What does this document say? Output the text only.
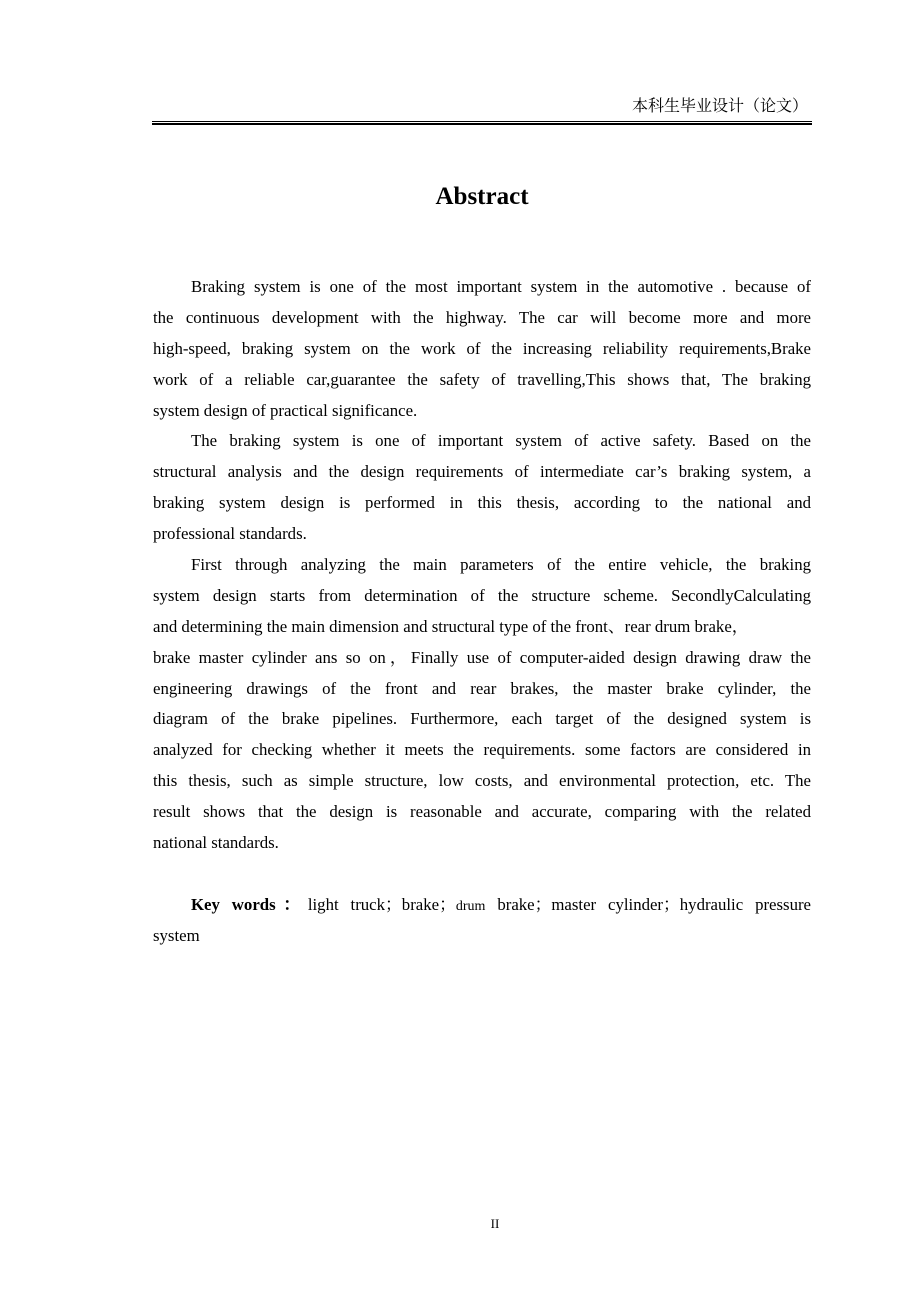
本科生毕业设计（论文）
Abstract
Braking system is one of the most important system in the automotive . because of
the continuous development with the highway. The car will become more and more
high-speed, braking system on the work of the increasing reliability requirements,Brake
work of a reliable car,guarantee the safety of travelling,This shows that, The braking
system design of practical significance.
The braking system is one of important system of active safety. Based on the
structural analysis and the design requirements of intermediate car’s braking system, a
braking system design is performed in this thesis, according to the national and
professional standards.
First through analyzing the main parameters of the entire vehicle, the braking
system design starts from determination of the structure scheme. SecondlyCalculating
and determining the main dimension and structural type of the front、rear drum brake，
brake master cylinder ans so on，Finally use of computer-aided design drawing draw the
engineering drawings of the front and rear brakes, the master brake cylinder, the
diagram of the brake pipelines. Furthermore, each target of the designed system is
analyzed for checking whether it meets the requirements. some factors are considered in
this thesis, such as simple structure, low costs, and environmental protection, etc. The
result shows that the design is reasonable and accurate, comparing with the related
national standards.
Key words：light truck；brake；drum brake；master cylinder；hydraulic pressure
system
II
